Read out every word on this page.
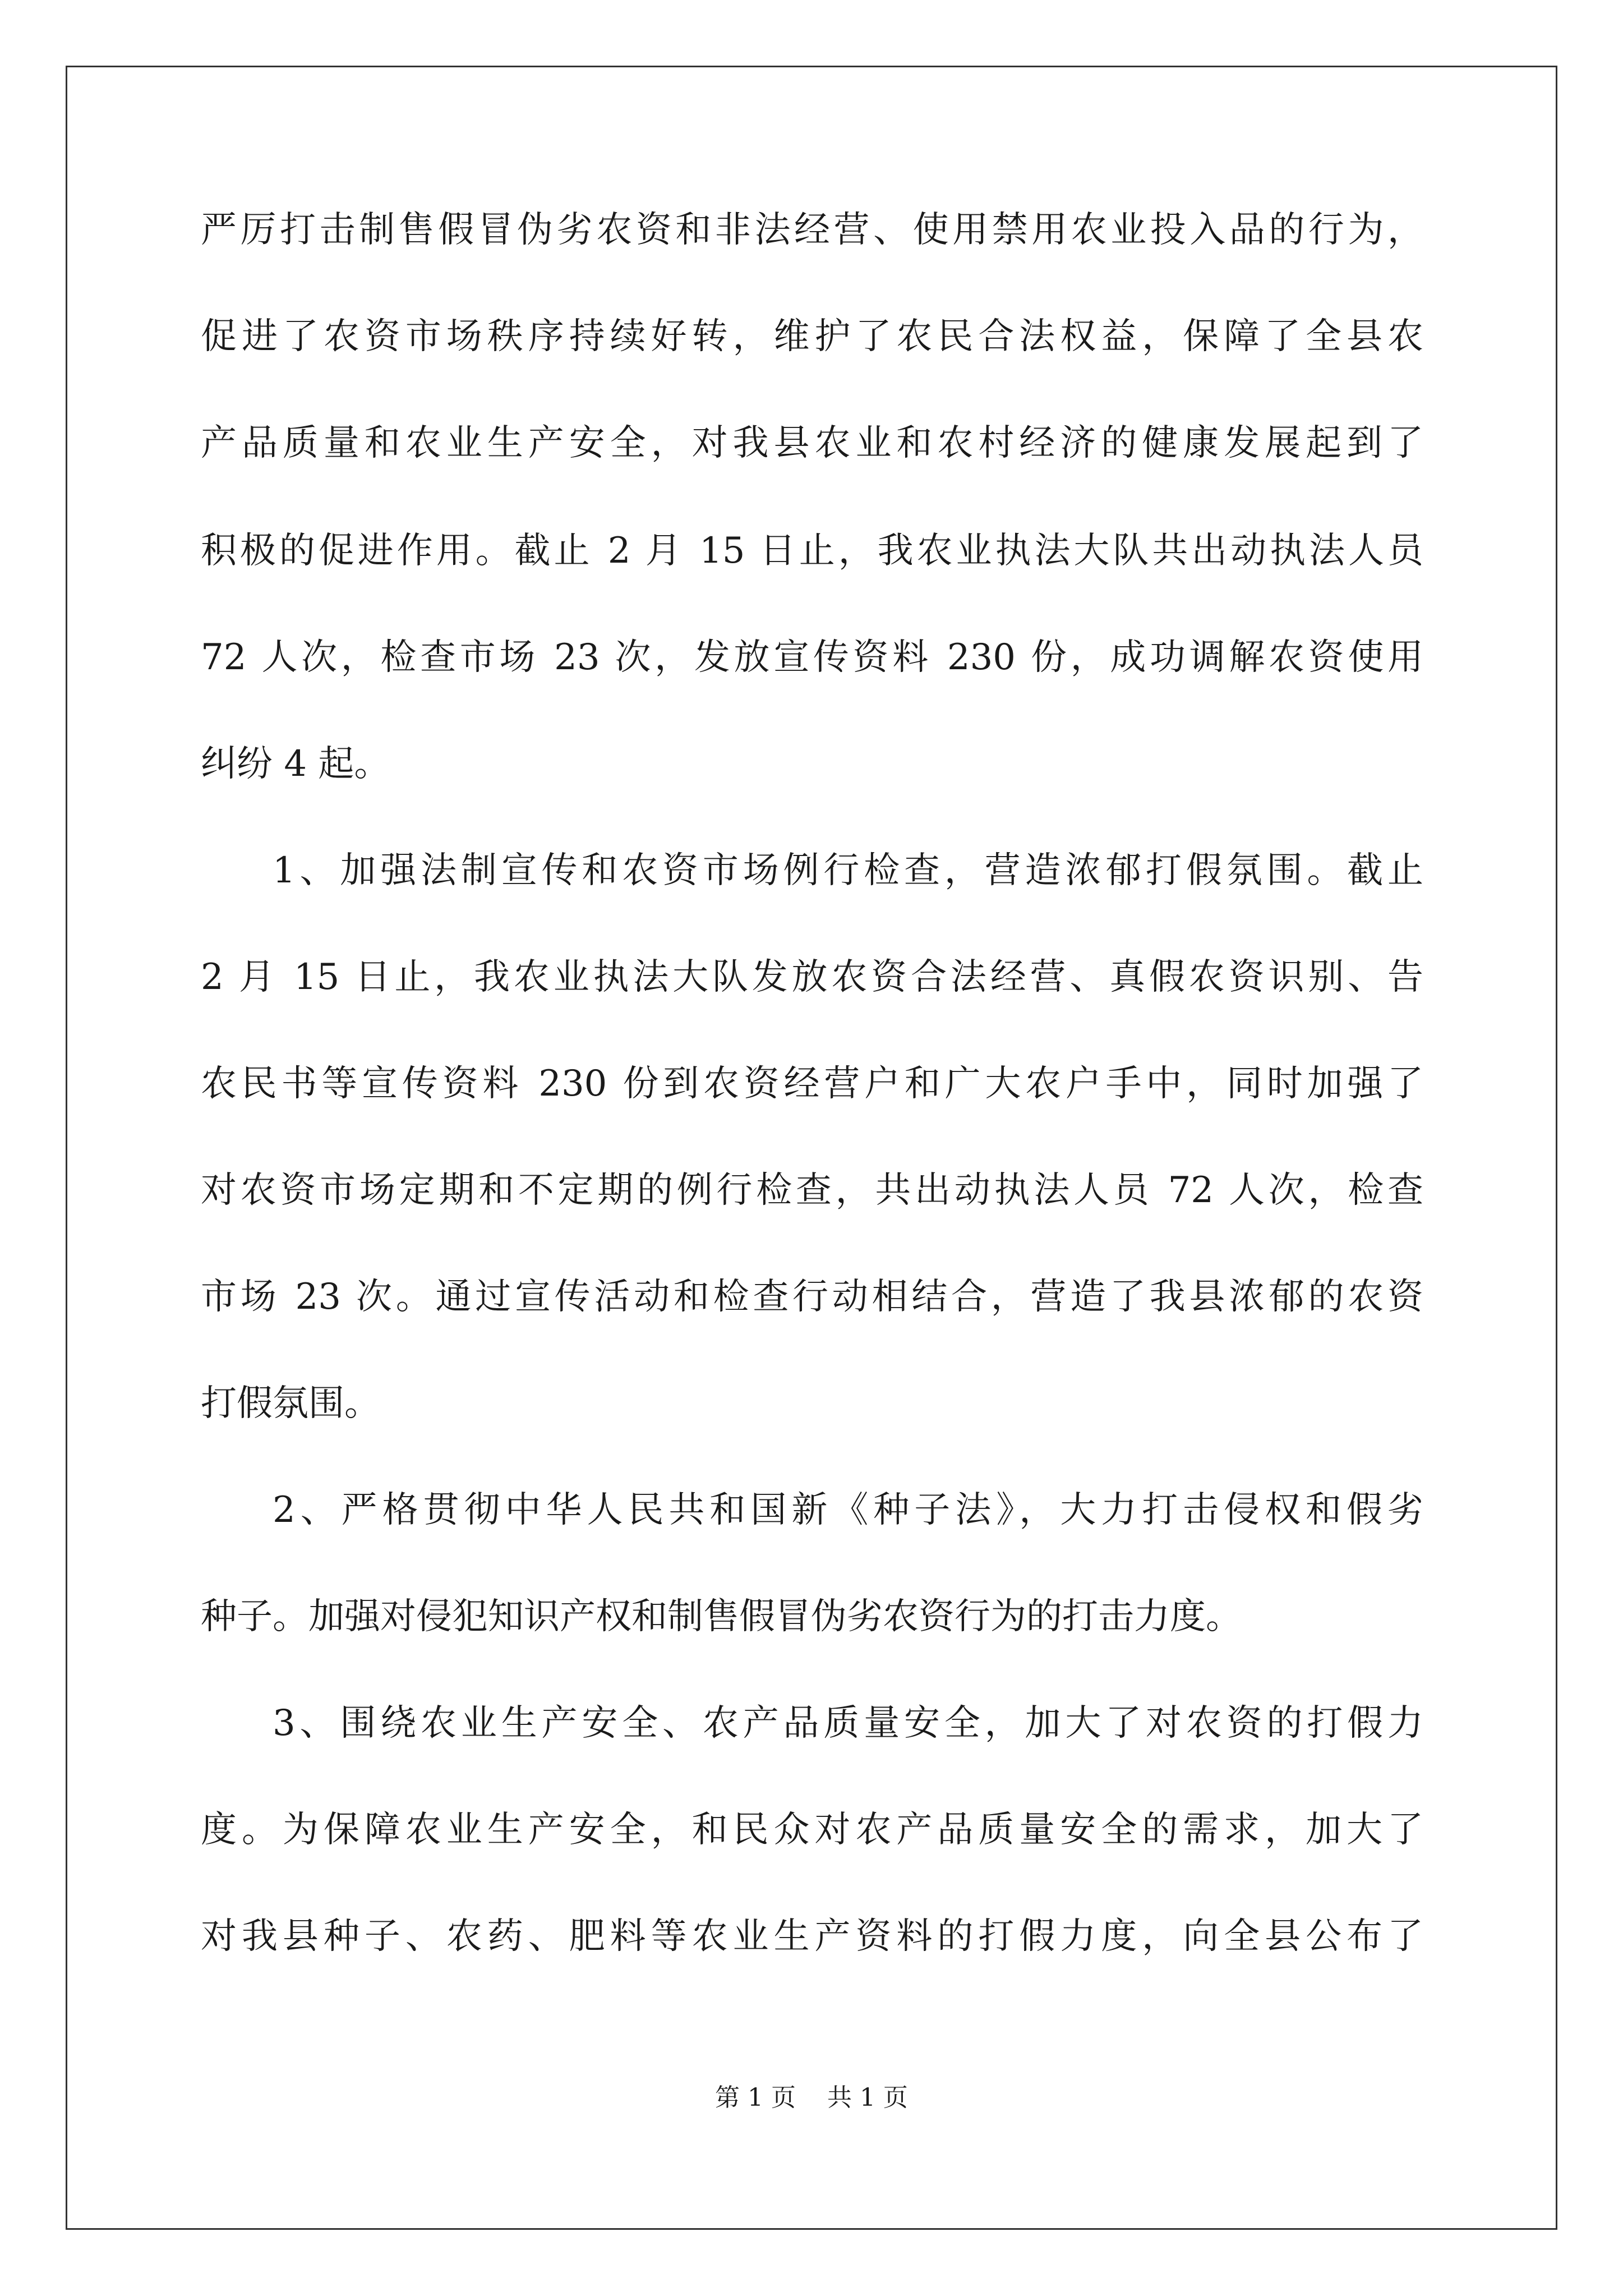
严厉打击制售假冒伪劣农资和非法经营、使用禁用农业投入品的行为，
促进了农资市场秩序持续好转，维护了农民合法权益，保障了全县农
产品质量和农业生产安全，对我县农业和农村经济的健康发展起到了
积极的促进作用。截止 2 月 15 日止，我农业执法大队共出动执法人员
72 人次，检查市场 23 次，发放宣传资料 230 份，成功调解农资使用
纠纷 4 起。
1、加强法制宣传和农资市场例行检查，营造浓郁打假氛围。截止
2 月 15 日止，我农业执法大队发放农资合法经营、真假农资识别、告
农民书等宣传资料 230 份到农资经营户和广大农户手中，同时加强了
对农资市场定期和不定期的例行检查，共出动执法人员 72 人次，检查
市场 23 次。通过宣传活动和检查行动相结合，营造了我县浓郁的农资
打假氛围。
2、严格贯彻中华人民共和国新《种子法》，大力打击侵权和假劣
种子。加强对侵犯知识产权和制售假冒伪劣农资行为的打击力度。
3、围绕农业生产安全、农产品质量安全，加大了对农资的打假力
度。为保障农业生产安全，和民众对农产品质量安全的需求，加大了
对我县种子、农药、肥料等农业生产资料的打假力度，向全县公布了
第 1 页    共 1 页
